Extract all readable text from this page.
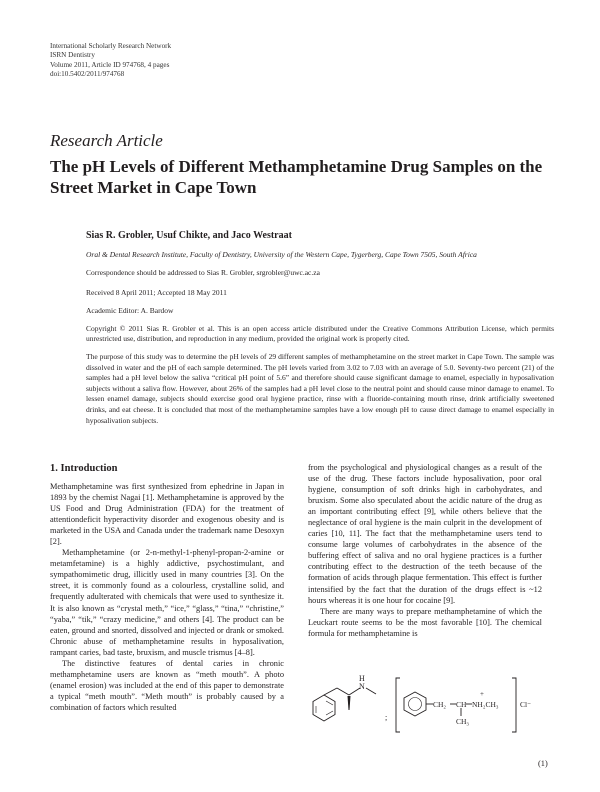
International Scholarly Research Network
ISRN Dentistry
Volume 2011, Article ID 974768, 4 pages
doi:10.5402/2011/974768
Research Article
The pH Levels of Different Methamphetamine Drug Samples on the Street Market in Cape Town
Sias R. Grobler, Usuf Chikte, and Jaco Westraat
Oral & Dental Research Institute, Faculty of Dentistry, University of the Western Cape, Tygerberg, Cape Town 7505, South Africa
Correspondence should be addressed to Sias R. Grobler, srgrobler@uwc.ac.za
Received 8 April 2011; Accepted 18 May 2011
Academic Editor: A. Bardow
Copyright © 2011 Sias R. Grobler et al. This is an open access article distributed under the Creative Commons Attribution License, which permits unrestricted use, distribution, and reproduction in any medium, provided the original work is properly cited.
The purpose of this study was to determine the pH levels of 29 different samples of methamphetamine on the street market in Cape Town. The sample was dissolved in water and the pH of each sample determined. The pH levels varied from 3.02 to 7.03 with an average of 5.0. Seventy-two percent (21) of the samples had a pH level below the saliva “critical pH point of 5.6” and therefore should cause significant damage to enamel, especially in hyposalivation subjects without a saliva flow. However, about 26% of the samples had a pH level close to the neutral point and should cause minor damage to enamel. To lessen enamel damage, subjects should exercise good oral hygiene practice, rinse with a fluoride-containing mouth rinse, drink artificially sweetened drinks, and eat cheese. It is concluded that most of the methamphetamine samples have a low enough pH to cause direct damage to enamel especially in hyposalivation subjects.
1. Introduction

Methamphetamine was first synthesized from ephedrine in Japan in 1893 by the chemist Nagai [1]. Methamphetamine is approved by the US Food and Drug Administration (FDA) for the treatment of attentiondeficit hyperactivity disorder and exogenous obesity and is marketed in the USA and Canada under the trademark name Desoxyn [2].

Methamphetamine (or 2-n-methyl-1-phenyl-propan-2-amine or metamfetamine) is a highly addictive, psychostimulant, and sympathomimetic drug, illicitly used in many countries [3]. On the street, it is commonly found as a colourless, crystalline solid, and frequently adulterated with chemicals that were used to synthesize it. It is also known as “crystal meth,” “ice,” “glass,” “tina,” “christine,” “yaba,” “tik,” “crazy medicine,” and others [4]. The product can be eaten, ground and snorted, dissolved and injected or drank or smoked. Chronic abuse of methamphetamine results in hyposalivation, rampant caries, bad taste, bruxism, and muscle trismus [4–8].

The distinctive features of dental caries in chronic methamphetamine users are known as “meth mouth”. A photo (enamel erosion) was included at the end of this paper to demonstrate a typical “meth mouth”. “Meth mouth” is probably caused by a combination of factors which resulted

from the psychological and physiological changes as a result of the use of the drug. These factors include hyposalivation, poor oral hygiene, consumption of soft drinks high in carbohydrates, and bruxism. Some also speculated about the acidic nature of the drug as an important contributing effect [9], while others believe that the neglectance of oral hygiene is the main culprit in the development of caries [10, 11]. The fact that the methamphetamine users tend to consume large volumes of carbohydrates in the absence of the buffering effect of saliva and no oral hygiene practices is a further contributing effect to the destruction of the teeth because of the formation of acids through plaque fermentation. This effect is further intensified by the fact that the duration of the drugs effect is ~12 hours whereas it is one hour for cocaine [9].

There are many ways to prepare methamphetamine of which the Leuckart route seems to be the most favorable [10]. The chemical formula for methamphetamine is

N
H
;
CH₂ CH
+
NH₂CH₃
CH₃
Cl⁻
(1)
